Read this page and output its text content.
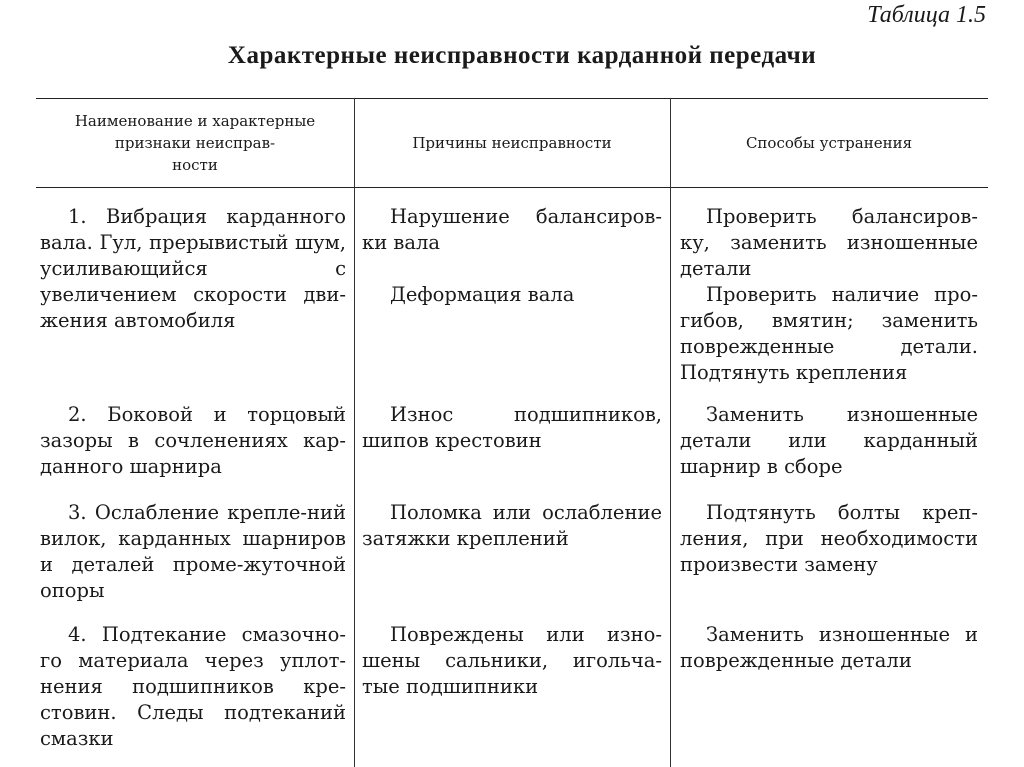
Таблица 1.5
Характерные неисправности карданной передачи
Наименование и характерные
признаки неисправ-
ности
Причины неисправности	Способы устранения
1. Вибрация карданного вала. Гул, прерывистый шум, усиливающийся с увеличением скорости дви-жения автомобиля
Нарушение балансиров-ки вала
Деформация вала
Проверить балансиров-ку, заменить изношенные детали
Проверить наличие про-гибов, вмятин; заменить поврежденные детали. Подтянуть крепления
2. Боковой и торцовый зазоры в сочленениях кар-данного шарнира
Износ подшипников, шипов крестовин
Заменить изношенные детали или карданный шарнир в сборе
3. Ослабление крепле-ний вилок, карданных шарниров и деталей проме-жуточной опоры
Поломка или ослабление затяжки креплений
Подтянуть болты креп-ления, при необходимости произвести замену
4. Подтекание смазочно-го материала через уплот-нения подшипников кре-стовин. Следы подтеканий смазки
Повреждены или изно-шены сальники, игольча-тые подшипники
Заменить изношенные и поврежденные детали
